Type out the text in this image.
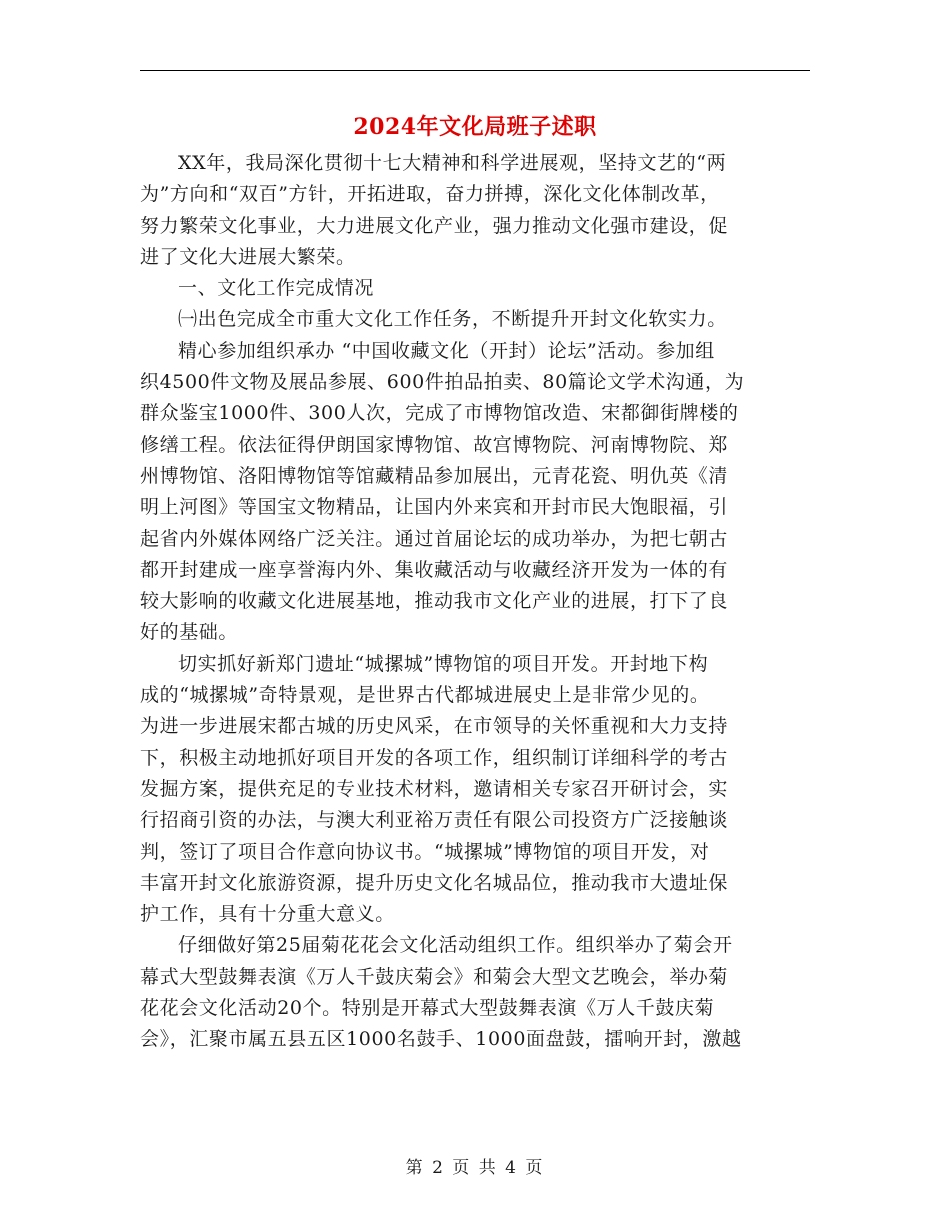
2024年文化局班子述职

XX年，我局深化贯彻十七大精神和科学进展观，坚持文艺的“两
为”方向和“双百”方针，开拓进取，奋力拼搏，深化文化体制改革，
努力繁荣文化事业，大力进展文化产业，强力推动文化强市建设，促
进了文化大进展大繁荣。

一、文化工作完成情况

㈠出色完成全市重大文化工作任务，不断提升开封文化软实力。

精心参加组织承办 “中国收藏文化（开封）论坛”活动。参加组
织4500件文物及展品参展、600件拍品拍卖、80篇论文学术沟通，为
群众鉴宝1000件、300人次，完成了市博物馆改造、宋都御街牌楼的
修缮工程。依法征得伊朗国家博物馆、故宫博物院、河南博物院、郑
州博物馆、洛阳博物馆等馆藏精品参加展出，元青花瓷、明仇英《清
明上河图》等国宝文物精品，让国内外来宾和开封市民大饱眼福，引
起省内外媒体网络广泛关注。通过首届论坛的成功举办，为把七朝古
都开封建成一座享誉海内外、集收藏活动与收藏经济开发为一体的有
较大影响的收藏文化进展基地，推动我市文化产业的进展，打下了良
好的基础。

切实抓好新郑门遗址“城摞城”博物馆的项目开发。开封地下构
成的“城摞城”奇特景观，是世界古代都城进展史上是非常少见的。
为进一步进展宋都古城的历史风采，在市领导的关怀重视和大力支持
下，积极主动地抓好项目开发的各项工作，组织制订详细科学的考古
发掘方案，提供充足的专业技术材料，邀请相关专家召开研讨会，实
行招商引资的办法，与澳大利亚裕万责任有限公司投资方广泛接触谈
判，签订了项目合作意向协议书。“城摞城”博物馆的项目开发，对
丰富开封文化旅游资源，提升历史文化名城品位，推动我市大遗址保
护工作，具有十分重大意义。

仔细做好第25届菊花花会文化活动组织工作。组织举办了菊会开
幕式大型鼓舞表演《万人千鼓庆菊会》和菊会大型文艺晚会，举办菊
花花会文化活动20个。特别是开幕式大型鼓舞表演《万人千鼓庆菊
会》，汇聚市属五县五区1000名鼓手、1000面盘鼓，擂响开封，激越

第 2 页 共 4 页
